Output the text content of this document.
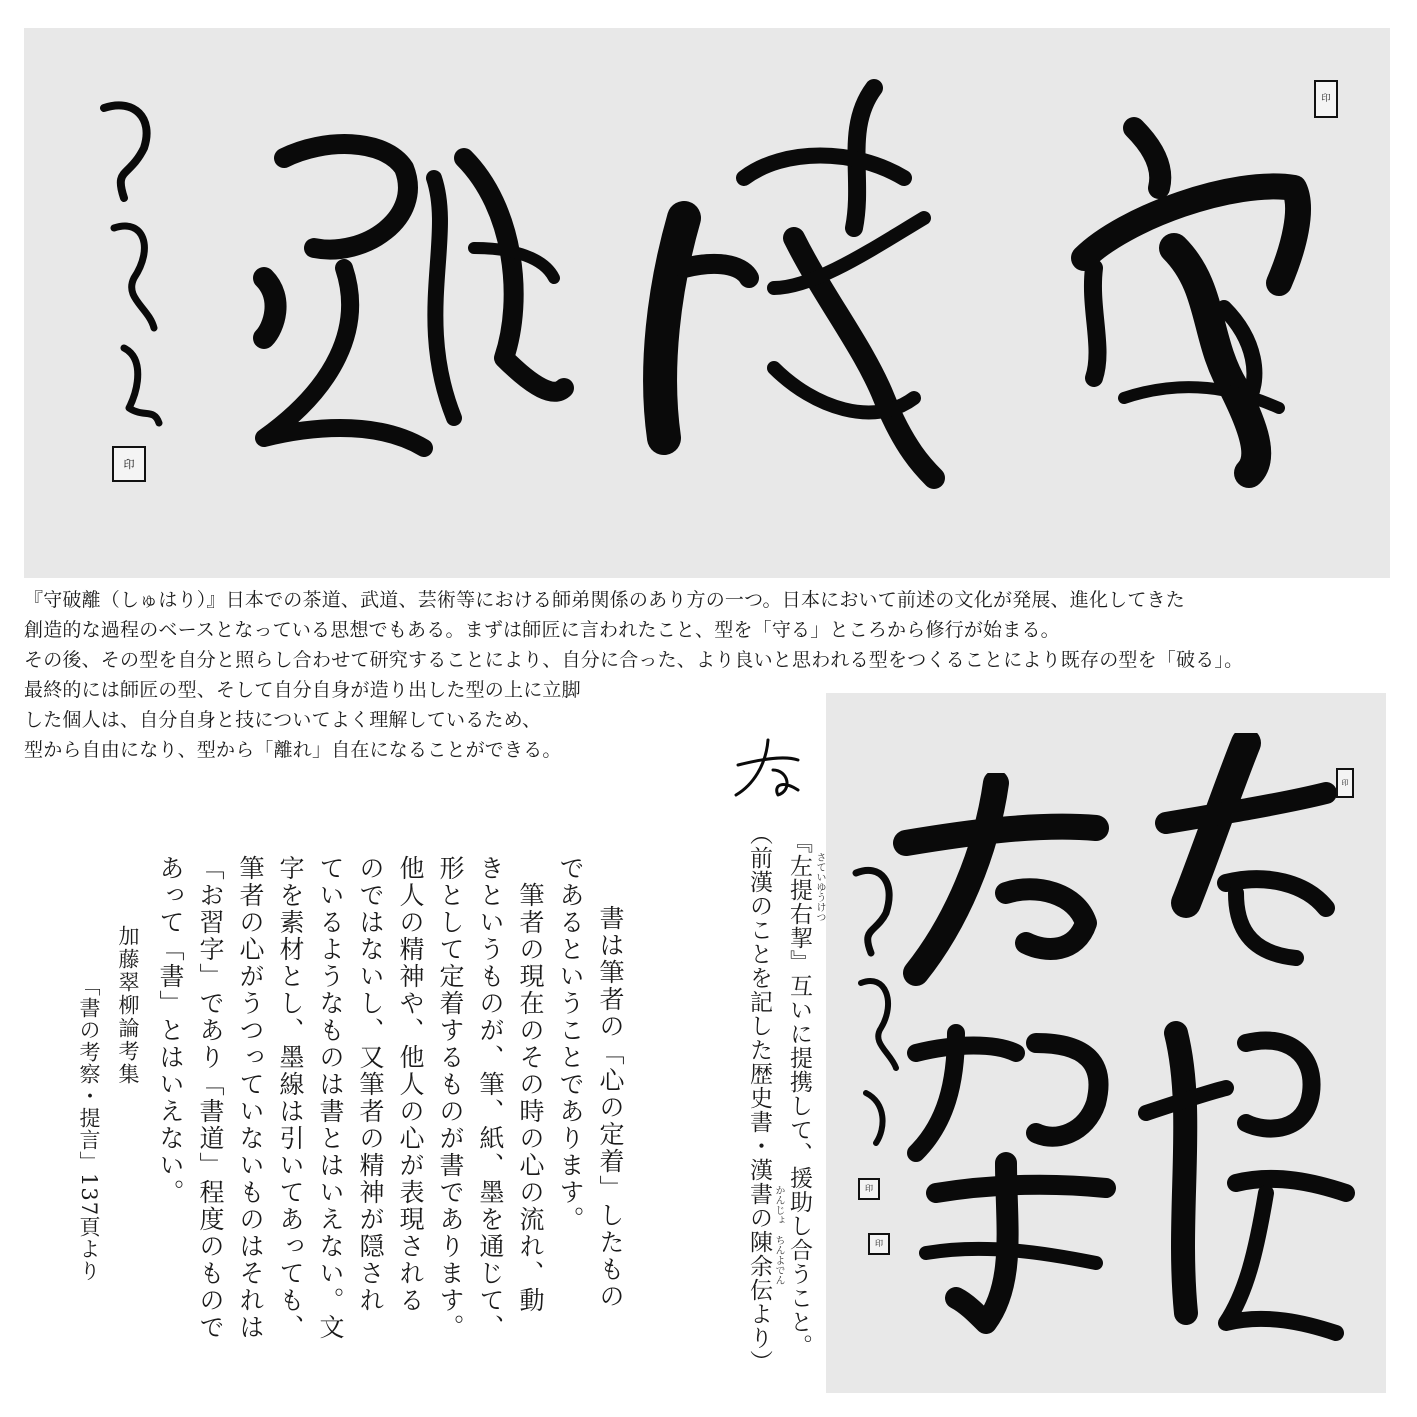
印
印
『守破離（しゅはり）』日本での茶道、武道、芸術等における師弟関係のあり方の一つ。日本において前述の文化が発展、進化してきた
創造的な過程のベースとなっている思想でもある。まずは師匠に言われたこと、型を「守る」ところから修行が始まる。
その後、その型を自分と照らし合わせて研究することにより、自分に合った、より良いと思われる型をつくることにより既存の型を「破る」。
最終的には師匠の型、そして自分自身が造り出した型の上に立脚
した個人は、自分自身と技についてよく理解しているため、
型から自由になり、型から「離れ」自在になることができる。
書は筆者の「心の定着」したもの
であるということであります。
　筆者の現在のその時の心の流れ、動
きというものが、筆、紙、墨を通じて、
形として定着するものが書であります。
他人の精神や、他人の心が表現される
のではないし、又筆者の精神が隠され
ているようなものは書とはいえない。文
字を素材とし、墨線は引いてあっても、
筆者の心がうつっていないものはそれは
「お習字」であり「書道」程度のもので
あって「書」とはいえない。
加藤翠柳論考集
「書の考察・提言」137頁より	『左提右挈』互いに提携して、援助し合うこと。
（前漢のことを記した歴史書・漢書の陳余伝より）	さていゆうけつ
かんじょ　ちんよでん	印
印
印
